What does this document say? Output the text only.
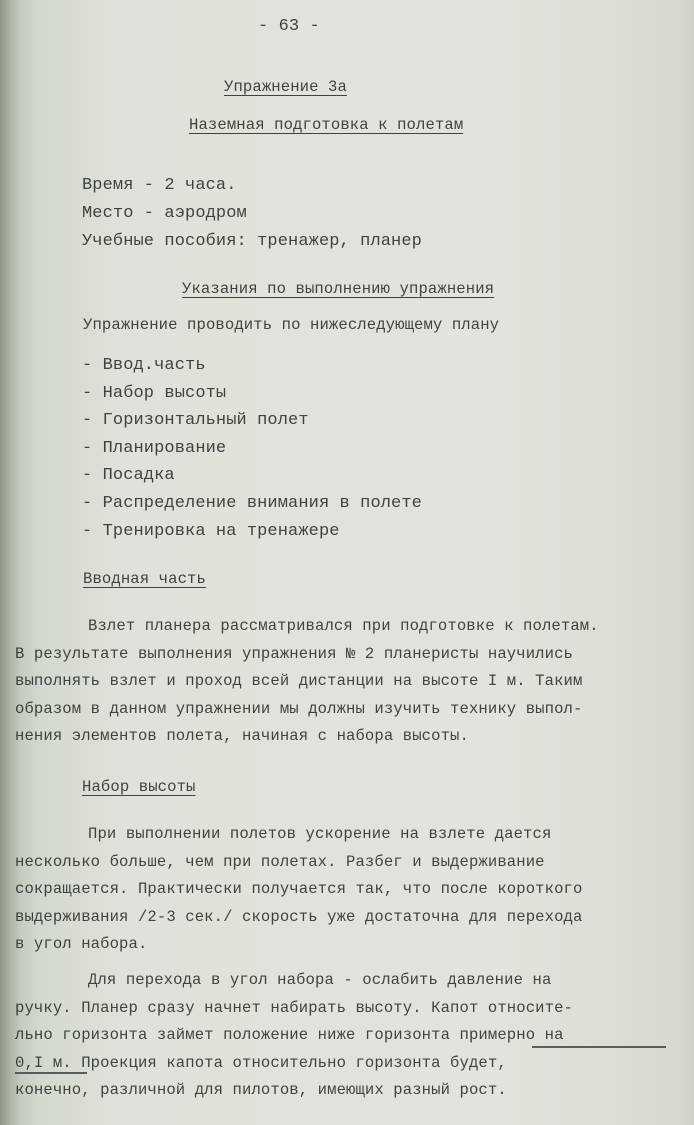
- 63 -
Упражнение 3а
Наземная подготовка к полетам
Время - 2 часа.
Место - аэродром
Учебные пособия: тренажер, планер
Указания по выполнению упражнения
Упражнение проводить по нижеследующему плану
- Ввод.часть
- Набор высоты
- Горизонтальный полет
- Планирование
- Посадка
- Распределение внимания в полете
- Тренировка на тренажере
Вводная часть
Взлет планера рассматривался при подготовке к полетам.
В результате выполнения упражнения № 2 планеристы научились
выполнять взлет и проход всей дистанции на высоте I м. Таким
образом в данном упражнении мы должны изучить технику выпол-
нения элементов полета, начиная с набора высоты.
Набор высоты
При выполнении полетов ускорение на взлете дается
несколько больше, чем при полетах. Разбег и выдерживание
сокращается. Практически получается так, что после короткого
выдерживания /2-3 сек./ скорость уже достаточна для перехода
в угол набора.
Для перехода в угол набора - ослабить давление на
ручку. Планер сразу начнет набирать высоту. Капот относите-
льно горизонта займет положение ниже горизонта примерно на
0,I м. Проекция капота относительно горизонта будет,
конечно, различной для пилотов, имеющих разный рост.
